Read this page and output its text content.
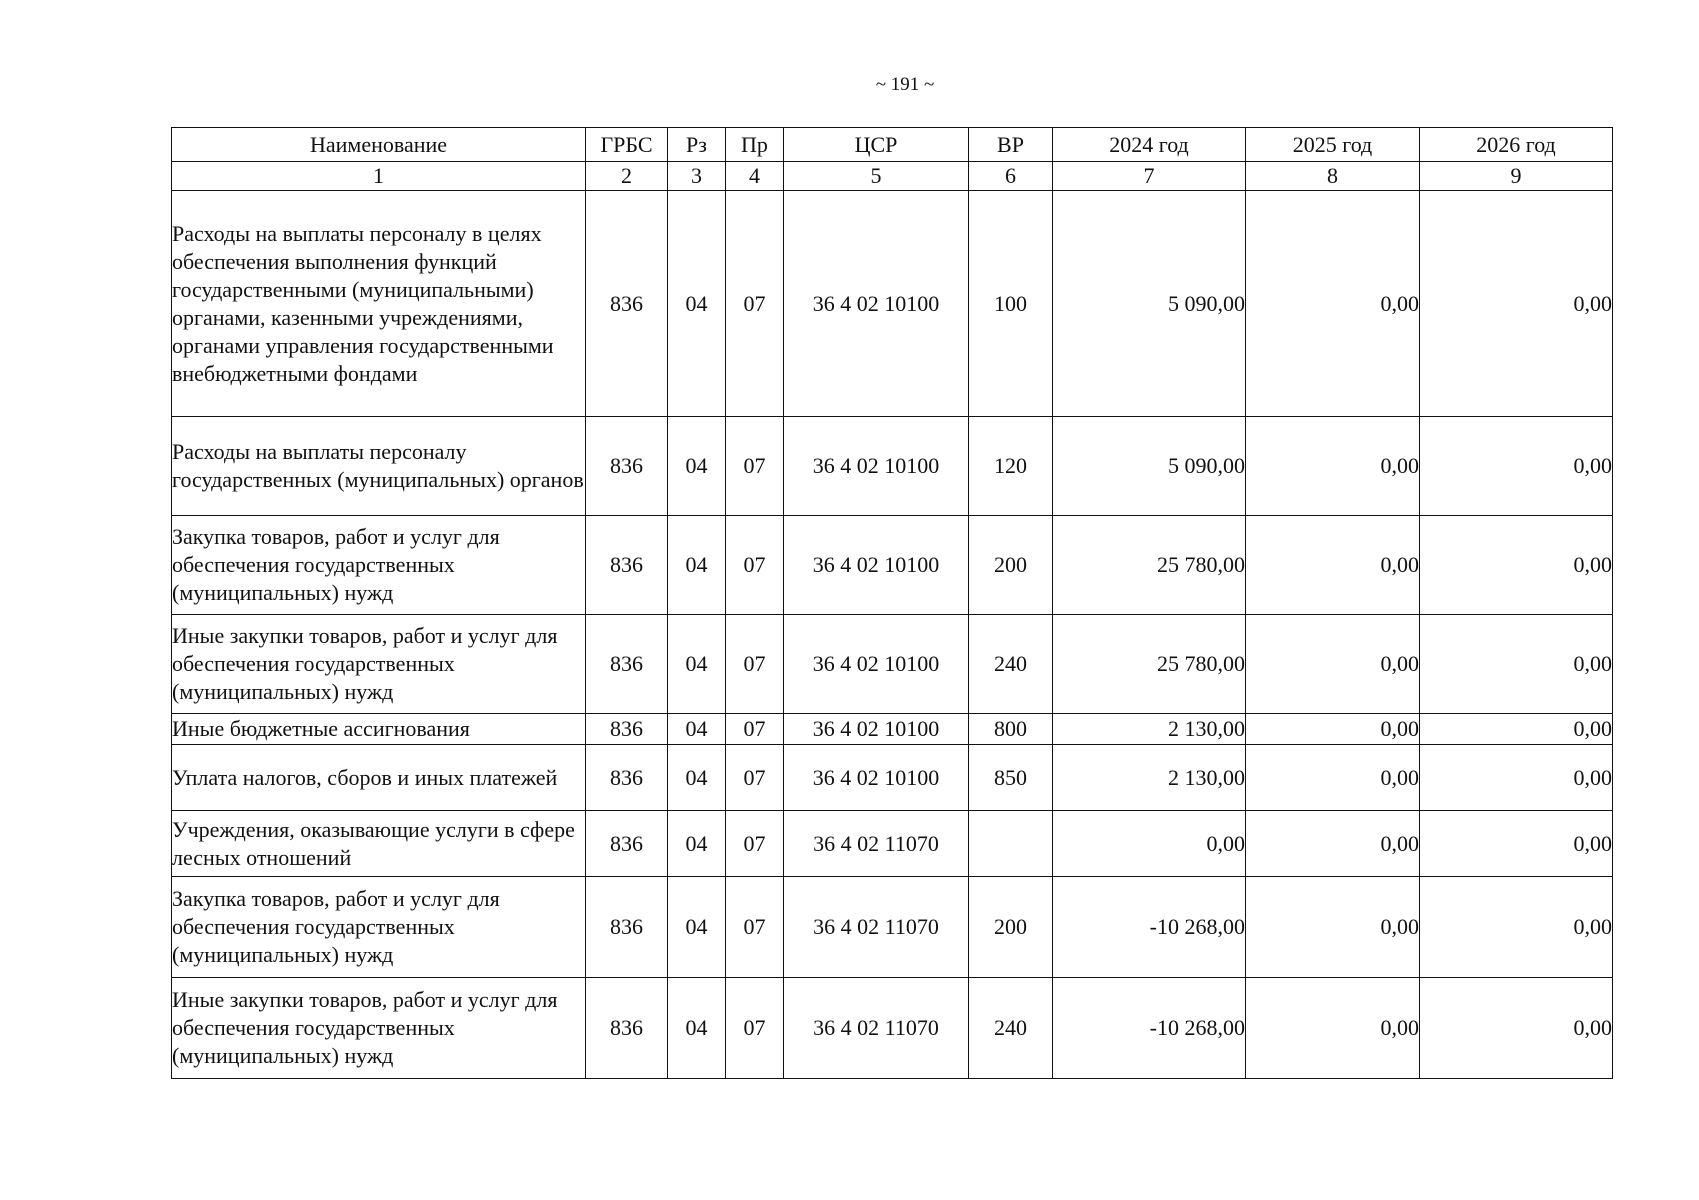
~ 191 ~
Наименование	ГРБС	Рз	Пр	ЦСР	ВР	2024 год	2025 год	2026 год
1	2	3	4	5	6	7	8	9
Расходы на выплаты персоналу в целях обеспечения выполнения функций государственными (муниципальными) органами, казенными учреждениями, органами управления государственными внебюджетными фондами	836	04	07	36 4 02 10100	100	5 090,00	0,00	0,00
Расходы на выплаты персоналу государственных (муниципальных) органов	836	04	07	36 4 02 10100	120	5 090,00	0,00	0,00
Закупка товаров, работ и услуг для обеспечения государственных (муниципальных) нужд	836	04	07	36 4 02 10100	200	25 780,00	0,00	0,00
Иные закупки товаров, работ и услуг для обеспечения государственных (муниципальных) нужд	836	04	07	36 4 02 10100	240	25 780,00	0,00	0,00
Иные бюджетные ассигнования	836	04	07	36 4 02 10100	800	2 130,00	0,00	0,00
Уплата налогов, сборов и иных платежей	836	04	07	36 4 02 10100	850	2 130,00	0,00	0,00
Учреждения, оказывающие услуги в сфере лесных отношений	836	04	07	36 4 02 11070		0,00	0,00	0,00
Закупка товаров, работ и услуг для обеспечения государственных (муниципальных) нужд	836	04	07	36 4 02 11070	200	-10 268,00	0,00	0,00
Иные закупки товаров, работ и услуг для обеспечения государственных (муниципальных) нужд	836	04	07	36 4 02 11070	240	-10 268,00	0,00	0,00
